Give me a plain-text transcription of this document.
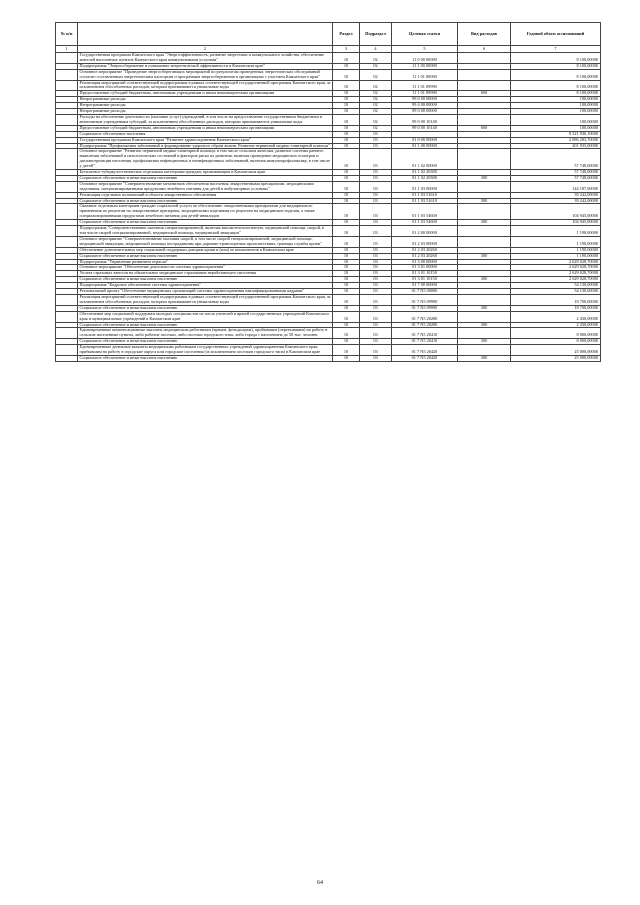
№ п/п		Раздел	Подраздел	Целевая статья	Вид расходов	Годовой объем ассигнований
1	2	3	4	5	6	7
	Государственная программа Камчатского края "Энергоэффективность, развитие энергетики и коммунального хозяйства, обеспечение жителей населенных пунктов Камчатского края коммунальными услугами"	10	02	11 0 00 00000		8 100,00000
	Подпрограмма "Энергосбережение и повышение энергетической эффективности в Камчатском крае"	10	02	11 1 00 00000		8 100,00000
	Основное мероприятие "Проведение энергосберегающих мероприятий по результатам проведенных энергетических обследований согласно составленным энергетическим паспортам и программам энергосбережения в организациях с участием Камчатского края"	10	02	11 1 01 00000		8 100,00000
	Реализация мероприятий соответствующей подпрограммы в рамках соответствующей государственной программы Камчатского края, за исключением обособленных расходов, которым присваиваются уникальные коды	10	02	11 1 01 09990		8 100,00000
	Предоставление субсидий бюджетным, автономным учреждениям и иным некоммерческим организациям	10	02	11 1 01 09990	600	8 100,00000
	Непрограммные расходы	10	02	99 0 00 00000		100,00000
	Непрограммные расходы	10	02	99 4 00 00000		100,00000
	Непрограммные расходы	10	02	99 0 00 00000		100,00000
	Расходы на обеспечение деятельности (оказание услуг) учреждений, в том числе на предоставление государственным бюджетным и автономным учреждениям субсидий, за исключением обособленных расходов, которым присваиваются уникальные коды	10	02	99 0 00 10140		100,00000
	Предоставление субсидий бюджетным, автономным учреждениям и иным некоммерческим организациям	10	02	99 0 00 10140	600	100,00000
	Социальное обеспечение населения	10	03			8 321 930,10000
	Государственная программа Камчатского края "Развитие здравоохранения Камчатского края"	10	03	01 0 00 00000		2 886 283,70000
	Подпрограмма "Профилактика заболеваний и формирование здорового образа жизни. Развитие первичной медико-санитарной помощи"	10	03	01 1 00 00000		201 935,00000
	Основное мероприятие "Развитие первичной медико-санитарной помощи, в том числе сельским жителям, развитие системы раннего выявления заболеваний и патологических состояний и факторов риска их развития, включая проведение медицинских осмотров и диспансеризации населения, профилактика инфекционных и неинфекционных заболеваний, включая иммунопрофилактику, в том числе у детей"	10	03	01 1 02 00000		57 748,00000
	Бесплатное туберкулостатическое отдельным категориям граждан, проживающим в Камчатском крае	10	03	01 1 02 20380		57 748,00000
	Социальное обеспечение и иные выплаты населению	10	03	01 1 02 20380	300	57 748,00000
	Основное мероприятие "Совершенствование механизмов обеспечения населения лекарственными препаратами, медицинскими изделиями, специализированными продуктами лечебного питания для детей в амбулаторных условиях"	10	03	01 1 03 00000		144 187,00000
	Реализация отдельных полномочий в области лекарственного обеспечения	10	03	01 1 03 51610		39 242,00000
	Социальное обеспечение и иные выплаты населению	10	03	01 1 03 51610	300	39 242,00000
	Оказание отдельным категориям граждан социальной услуги по обеспечению лекарственными препаратами для медицинского применения по рецептам на лекарственные препараты, медицинскими изделиями по рецептам на медицинские изделия, а также специализированными продуктами лечебного питания для детей-инвалидов	10	03	01 1 03 54600		104 945,00000
	Социальное обеспечение и иные выплаты населению	10	03	01 1 03 54600	300	104 945,00000
	Подпрограмма "Совершенствование оказания специализированной, включая высокотехнологичную, медицинской помощи, скорой, в том числе скорой специализированной, медицинской помощи, медицинской эвакуации"	10	03	01 2 00 00000		1 190,00000
	Основное мероприятие "Совершенствование оказания скорой, в том числе скорой специализированной, медицинской помощи, медицинской эвакуации, медицинской помощи пострадавшим при дорожно-транспортных происшествиях, границы службы крови"	10	03	01 2 03 00000		1 190,00000
	Обеспечение дополнительных мер социальной поддержки донорам крови и (или) ее компонентов в Камчатском крае	10	03	01 2 03 20260		1 190,00000
	Социальное обеспечение и иные выплаты населению	10	03	01 2 03 20260	300	1 190,00000
	Подпрограмма "Управление развитием отрасли"	10	03	01 3 00 00000		2 629 028,70000
	Основное мероприятие "Обеспечение деятельности системы здравоохранения"	10	03	01 3 01 00000		2 629 028,70000
	Уплата страховых взносов на обязательное медицинское страхование неработающего населения	10	03	01 3 01 10150		2 629 028,70000
	Социальное обеспечение и иные выплаты населению	10	03	01 3 01 10150	300	2 629 028,70000
	Подпрограмма "Кадровое обеспечение системы здравоохранения"	10	03	01 7 00 00000		54 130,00000
	Региональный проект "Обеспечение медицинских организаций системы здравоохранения квалифицированными кадрами"	10	03	01 7 N5 00000		54 130,00000
	Реализация мероприятий соответствующей подпрограммы в рамках соответствующей государственной программы Камчатского края, за исключением обособленных расходов, которым присваиваются уникальные коды	10	03	01 7 N5 09990		18 700,00000
	Социальное обеспечение и иные выплаты населению	10	03	01 7 N5 09990	300	18 700,00000
	Обеспечение мер социальной поддержки молодых специалистов из числа учителей и врачей государственных учреждений Камчатского края и муниципальных учреждений в Камчатском крае	10	03	01 7 N5 20280		2 430,00000
	Социальное обеспечение и иные выплаты населению	10	03	01 7 N5 20280	300	2 430,00000
	Единовременные компенсационные выплаты медицинским работникам (врачам, фельдшерам), прибывшим (переехавшим) на работу в сельские населенные пункты, либо рабочие поселки, либо поселки городского типа, либо города с населением до 50 тыс. человек	10	03	01 7 N5 20410		8 000,00000
	Социальное обеспечение и иные выплаты населению	10	03	01 7 N5 20410	300	8 000,00000
	Единовременные денежные выплаты медицинским работникам государственных учреждений здравоохранения Камчатского края, прибывшим на работу в городские округа или городские поселения (за исключением поселков городского типа) в Камчатском крае	10	03	01 7 N5 20420		25 000,00000
	Социальное обеспечение и иные выплаты населению	10	03	01 7 N5 20420	300	25 000,00000
64
